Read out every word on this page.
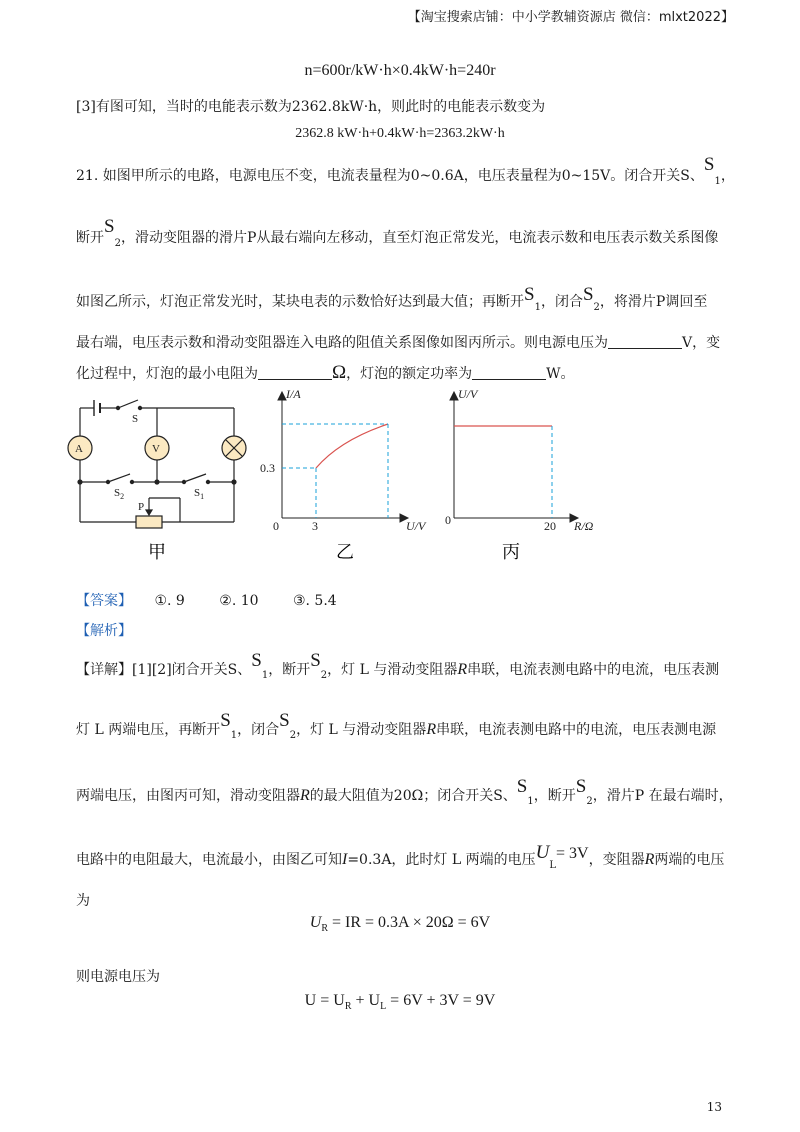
【淘宝搜索店铺：中小学教辅资源店 微信：mlxt2022】
n=600r/kW·h×0.4kW·h=240r
[3]有图可知，当时的电能表示数为2362.8kW·h，则此时的电能表示数变为
2362.8 kW·h+0.4kW·h=2363.2kW·h
21. 如图甲所示的电路，电源电压不变，电流表量程为0~0.6A，电压表量程为0~15V。闭合开关S、$S_1$，
断开$S_2$，滑动变阻器的滑片P从最右端向左移动，直至灯泡正常发光，电流表示数和电压表示数关系图像
如图乙所示，灯泡正常发光时，某块电表的示数恰好达到最大值；再断开$S_1$，闭合$S_2$，将滑片P调回至
最右端，电压表示数和滑动变阻器连入电路的阻值关系图像如图丙所示。则电源电压为	V，变
化过程中，灯泡的最小电阻为	Ω，灯泡的额定功率为	W。
A	V
S
$S_2$	$S_1$
P
甲
I/A
U/V
0
0.3
3
乙
U/V
R/Ω
0	20
丙
【答案】 ①. 9 ②. 10 ③. 5.4
【解析】
【详解】[1][2]闭合开关S、$S_1$，断开$S_2$，灯 L 与滑动变阻器R串联，电流表测电路中的电流，电压表测
灯 L 两端电压，再断开$S_1$，闭合$S_2$，灯 L 与滑动变阻器R串联，电流表测电路中的电流，电压表测电源
两端电压，由图丙可知，滑动变阻器R的最大阻值为20Ω；闭合开关S、$S_1$，断开$S_2$，滑片P 在最右端时，
电路中的电阻最大，电流最小，由图乙可知I=0.3A，此时灯 L 两端的电压$U_L= 3V$，变阻器R两端的电压
为
$U_R$ = IR = 0.3A × 20Ω = 6V
则电源电压为
$U = U_R + U_L = 6V + 3V = 9V$
13
